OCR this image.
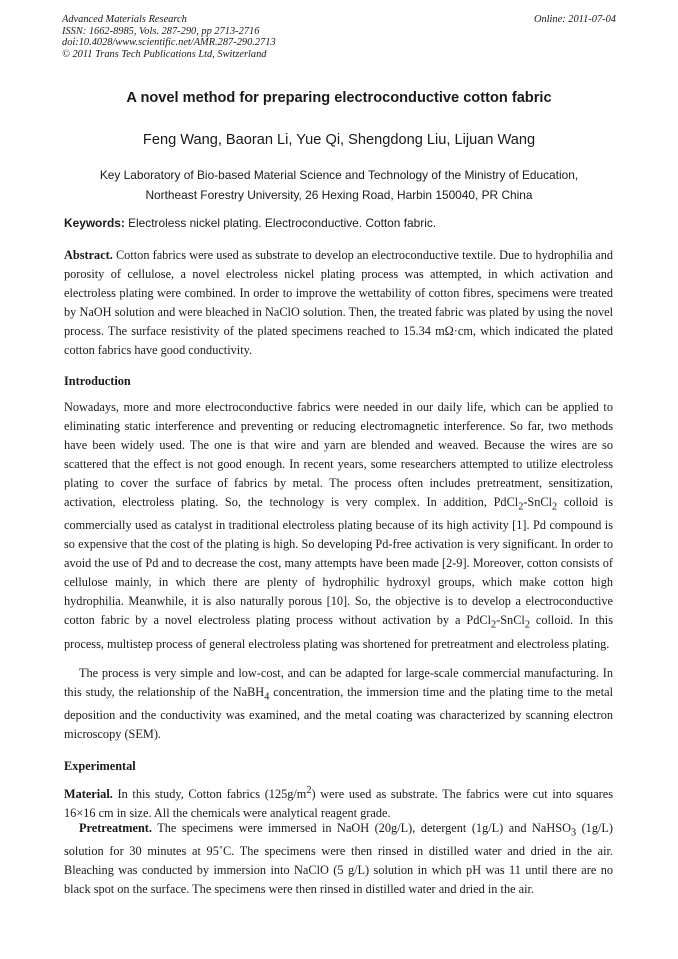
Advanced Materials Research
ISSN: 1662-8985, Vols. 287-290, pp 2713-2716
doi:10.4028/www.scientific.net/AMR.287-290.2713
© 2011 Trans Tech Publications Ltd, Switzerland
Online: 2011-07-04
A novel method for preparing electroconductive cotton fabric
Feng Wang, Baoran Li, Yue Qi, Shengdong Liu, Lijuan Wang
Key Laboratory of Bio-based Material Science and Technology of the Ministry of Education,
Northeast Forestry University, 26 Hexing Road, Harbin 150040, PR China
Keywords: Electroless nickel plating. Electroconductive. Cotton fabric.

Abstract. Cotton fabrics were used as substrate to develop an electroconductive textile. Due to hydrophilia and porosity of cellulose, a novel electroless nickel plating process was attempted, in which activation and electroless plating were combined. In order to improve the wettability of cotton fibres, specimens were treated by NaOH solution and were bleached in NaClO solution. Then, the treated fabric was plated by using the novel process. The surface resistivity of the plated specimens reached to 15.34 mΩ·cm, which indicated the plated cotton fabrics have good conductivity.

Introduction

Nowadays, more and more electroconductive fabrics were needed in our daily life, which can be applied to eliminating static interference and preventing or reducing electromagnetic interference. So far, two methods have been widely used. The one is that wire and yarn are blended and weaved. Because the wires are so scattered that the effect is not good enough. In recent years, some researchers attempted to utilize electroless plating to cover the surface of fabrics by metal. The process often includes pretreatment, sensitization, activation, electroless plating. So, the technology is very complex. In addition, PdCl$_2$-SnCl$_2$ colloid is commercially used as catalyst in traditional electroless plating because of its high activity [1]. Pd compound is so expensive that the cost of the plating is high. So developing Pd-free activation is very significant. In order to avoid the use of Pd and to decrease the cost, many attempts have been made [2-9]. Moreover, cotton consists of cellulose mainly, in which there are plenty of hydrophilic hydroxyl groups, which make cotton high hydrophilia. Meanwhile, it is also naturally porous [10]. So, the objective is to develop a electroconductive cotton fabric by a novel electroless plating process without activation by a PdCl$_2$-SnCl$_2$ colloid. In this process, multistep process of general electroless plating was shortened for pretreatment and electroless plating.

The process is very simple and low-cost, and can be adapted for large-scale commercial manufacturing. In this study, the relationship of the NaBH$_4$ concentration, the immersion time and the plating time to the metal deposition and the conductivity was examined, and the metal coating was characterized by scanning electron microscopy (SEM).

Experimental

Material. In this study, Cotton fabrics $(125g/m^2)$ were used as substrate. The fabrics were cut into squares 16×16 cm in size. All the chemicals were analytical reagent grade.

Pretreatment. The specimens were immersed in NaOH (20g/L), detergent (1g/L) and NaHSO$_3$ (1g/L) solution for 30 minutes at 95˚C. The specimens were then rinsed in distilled water and dried in the air. Bleaching was conducted by immersion into NaClO (5 g/L) solution in which pH was 11 until there are no black spot on the surface. The specimens were then rinsed in distilled water and dried in the air.
